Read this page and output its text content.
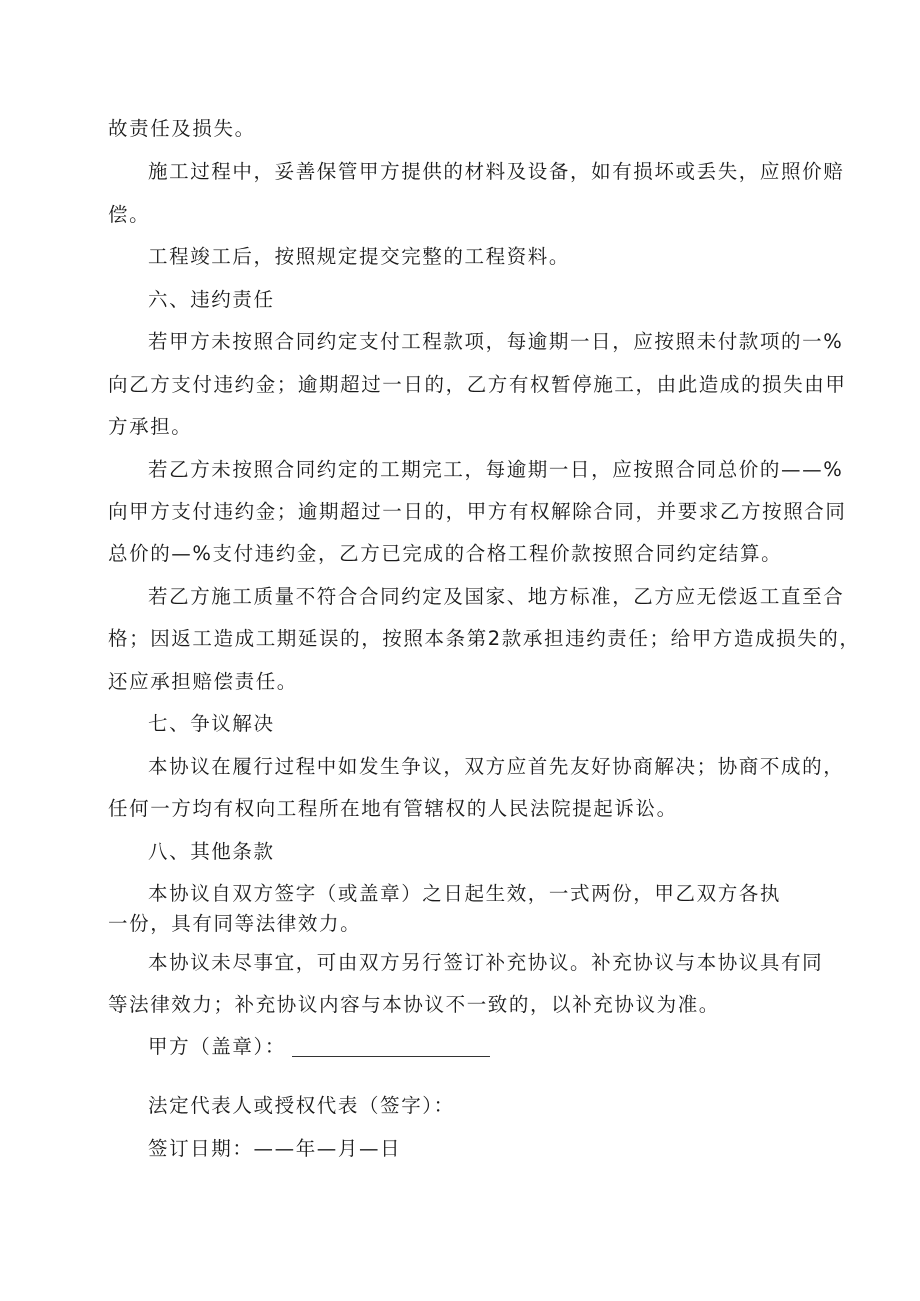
故责任及损失。
施工过程中，妥善保管甲方提供的材料及设备，如有损坏或丢失，应照价赔
偿。
工程竣工后，按照规定提交完整的工程资料。
六、违约责任
若甲方未按照合同约定支付工程款项，每逾期一日，应按照未付款项的一%
向乙方支付违约金；逾期超过一日的，乙方有权暂停施工，由此造成的损失由甲
方承担。
若乙方未按照合同约定的工期完工，每逾期一日，应按照合同总价的——%
向甲方支付违约金；逾期超过一日的，甲方有权解除合同，并要求乙方按照合同
总价的—%支付违约金，乙方已完成的合格工程价款按照合同约定结算。
若乙方施工质量不符合合同约定及国家、地方标准，乙方应无偿返工直至合
格；因返工造成工期延误的，按照本条第2款承担违约责任；给甲方造成损失的，
还应承担赔偿责任。
七、争议解决
本协议在履行过程中如发生争议，双方应首先友好协商解决；协商不成的，
任何一方均有权向工程所在地有管辖权的人民法院提起诉讼。
八、其他条款
本协议自双方签字（或盖章）之日起生效，一式两份，甲乙双方各执
一份，具有同等法律效力。
本协议未尽事宜，可由双方另行签订补充协议。补充协议与本协议具有同
等法律效力；补充协议内容与本协议不一致的，以补充协议为准。
甲方（盖章）：
法定代表人或授权代表（签字）：
签订日期：——年—月—日
